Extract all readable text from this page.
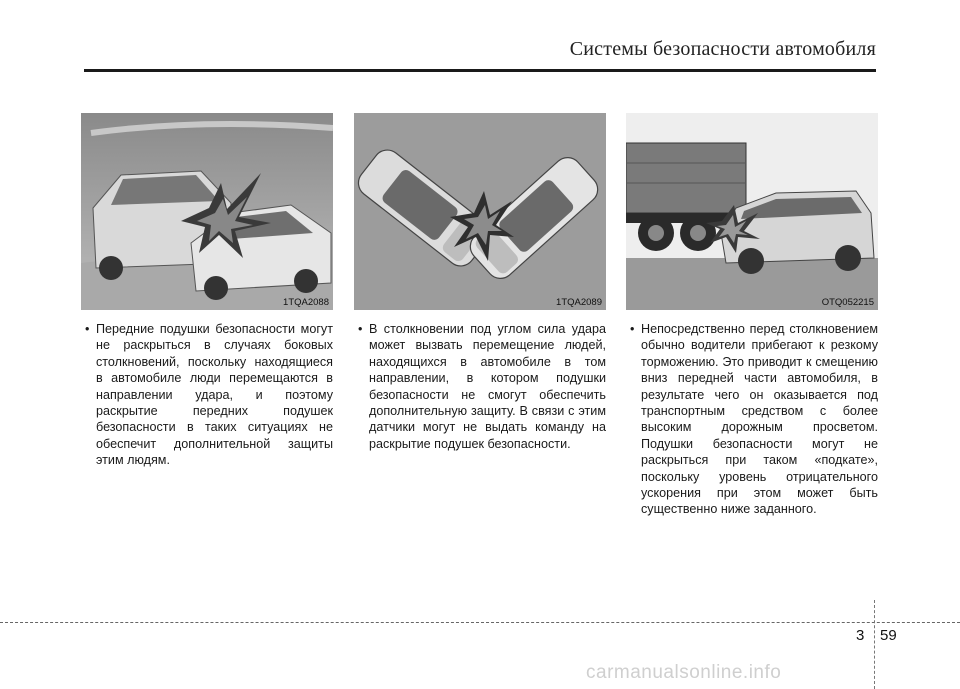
Системы безопасности автомобиля
1TQA2088
• Передние подушки безопасности могут не раскрыться в случаях боковых столкновений, поскольку находящиеся в автомобиле люди перемещаются в направлении удара, и поэтому раскрытие передних подушек безопасности в таких ситуациях не обеспечит дополнительной защиты этим людям.
1TQA2089
• В столкновении под углом сила удара может вызвать перемещение людей, находящихся в автомобиле в том направлении, в котором подушки безопасности не смогут обеспечить дополнительную защиту. В связи с этим датчики могут не выдать команду на раскрытие подушек безопасности.
OTQ052215
• Непосредственно перед столкновением обычно водители прибегают к резкому торможению. Это приводит к смещению вниз передней части автомобиля, в результате чего он оказывается под транспортным средством с более высоким дорожным просветом. Подушки безопасности могут не раскрыться при таком «подкате», поскольку уровень отрицательного ускорения при этом может быть существенно ниже заданного.
3 59
carmanualsonline.info
